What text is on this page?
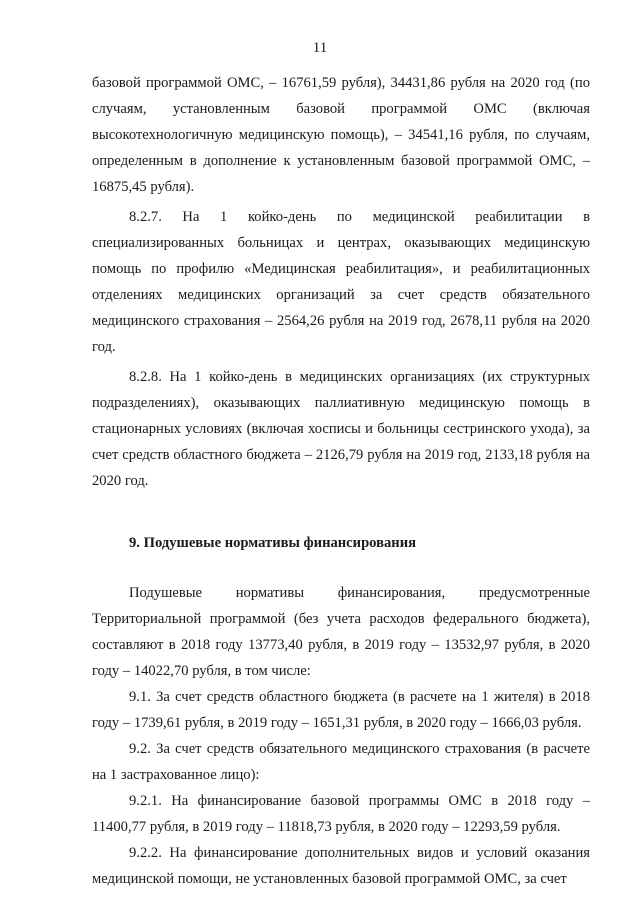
11

базовой программой ОМС, – 16761,59 рубля), 34431,86 рубля на 2020 год (по случаям, установленным базовой программой ОМС (включая высокотехнологичную медицинскую помощь), – 34541,16 рубля, по случаям, определенным в дополнение к установленным базовой программой ОМС, – 16875,45 рубля).

8.2.7. На 1 койко-день по медицинской реабилитации в специализированных больницах и центрах, оказывающих медицинскую помощь по профилю «Медицинская реабилитация», и реабилитационных отделениях медицинских организаций за счет средств обязательного медицинского страхования – 2564,26 рубля на 2019 год, 2678,11 рубля на 2020 год.

8.2.8. На 1 койко-день в медицинских организациях (их структурных подразделениях), оказывающих паллиативную медицинскую помощь в стационарных условиях (включая хосписы и больницы сестринского ухода), за счет средств областного бюджета – 2126,79 рубля на 2019 год, 2133,18 рубля на 2020 год.

9. Подушевые нормативы финансирования

Подушевые нормативы финансирования, предусмотренные Территориальной программой (без учета расходов федерального бюджета), составляют в 2018 году 13773,40 рубля, в 2019 году – 13532,97 рубля, в 2020 году – 14022,70 рубля, в том числе:

9.1. За счет средств областного бюджета (в расчете на 1 жителя) в 2018 году – 1739,61 рубля, в 2019 году – 1651,31 рубля, в 2020 году – 1666,03 рубля.

9.2. За счет средств обязательного медицинского страхования (в расчете на 1 застрахованное лицо):

9.2.1. На финансирование базовой программы ОМС в 2018 году – 11400,77 рубля, в 2019 году – 11818,73 рубля, в 2020 году – 12293,59 рубля.

9.2.2. На финансирование дополнительных видов и условий оказания медицинской помощи, не установленных базовой программой ОМС, за счет
